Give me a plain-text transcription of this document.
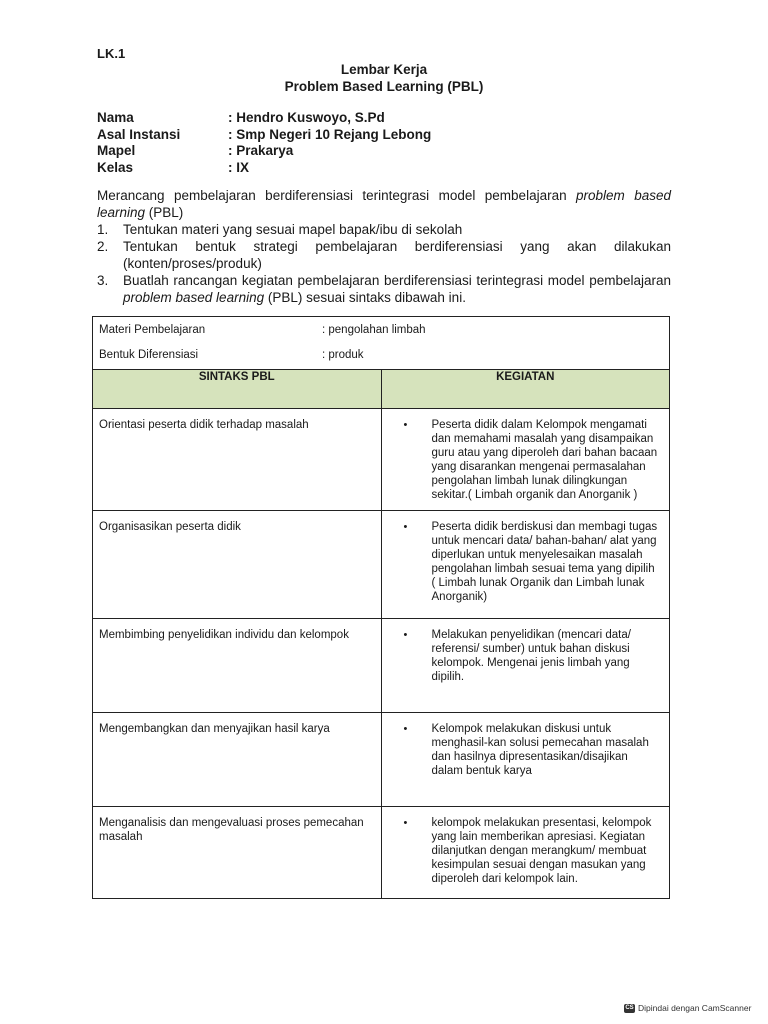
LK.1
Lembar Kerja
Problem Based Learning (PBL)
Nama	: Hendro Kuswoyo, S.Pd
Asal Instansi	: Smp Negeri 10 Rejang Lebong
Mapel	: Prakarya
Kelas	: IX

Merancang pembelajaran berdiferensiasi terintegrasi model pembelajaran problem based learning (PBL)

1.	Tentukan materi yang sesuai mapel bapak/ibu di sekolah
2.	Tentukan bentuk strategi pembelajaran berdiferensiasi yang akan dilakukan (konten/proses/produk)
3.	Buatlah rancangan kegiatan pembelajaran berdiferensiasi terintegrasi model pembelajaran problem based learning (PBL) sesuai sintaks dibawah ini.
Materi Pembelajaran : pengolahan limbah
Bentuk Diferensiasi : produk	

SINTAKS PBL	KEGIATAN
Orientasi peserta didik terhadap masalah	• Peserta didik dalam Kelompok mengamati dan memahami masalah yang disampaikan guru atau yang diperoleh dari bahan bacaan yang disarankan mengenai permasalahan pengolahan limbah lunak dilingkungan sekitar.( Limbah organik dan Anorganik )

Organisasikan peserta didik	• Peserta didik berdiskusi dan membagi tugas untuk mencari data/ bahan-bahan/ alat yang diperlukan untuk menyelesaikan masalah pengolahan limbah sesuai tema yang dipilih ( Limbah lunak Organik dan Limbah lunak Anorganik)

Membimbing penyelidikan individu dan kelompok	• Melakukan penyelidikan (mencari data/ referensi/ sumber) untuk bahan diskusi kelompok. Mengenai jenis limbah yang dipilih.

Mengembangkan dan menyajikan hasil karya	• Kelompok melakukan diskusi untuk menghasil-kan solusi pemecahan masalah dan hasilnya dipresentasikan/disajikan dalam bentuk karya

Menganalisis dan mengevaluasi proses pemecahan masalah	• kelompok melakukan presentasi, kelompok yang lain memberikan apresiasi. Kegiatan dilanjutkan dengan merangkum/ membuat kesimpulan sesuai dengan masukan yang diperoleh dari kelompok lain.
CS Dipindai dengan CamScanner
